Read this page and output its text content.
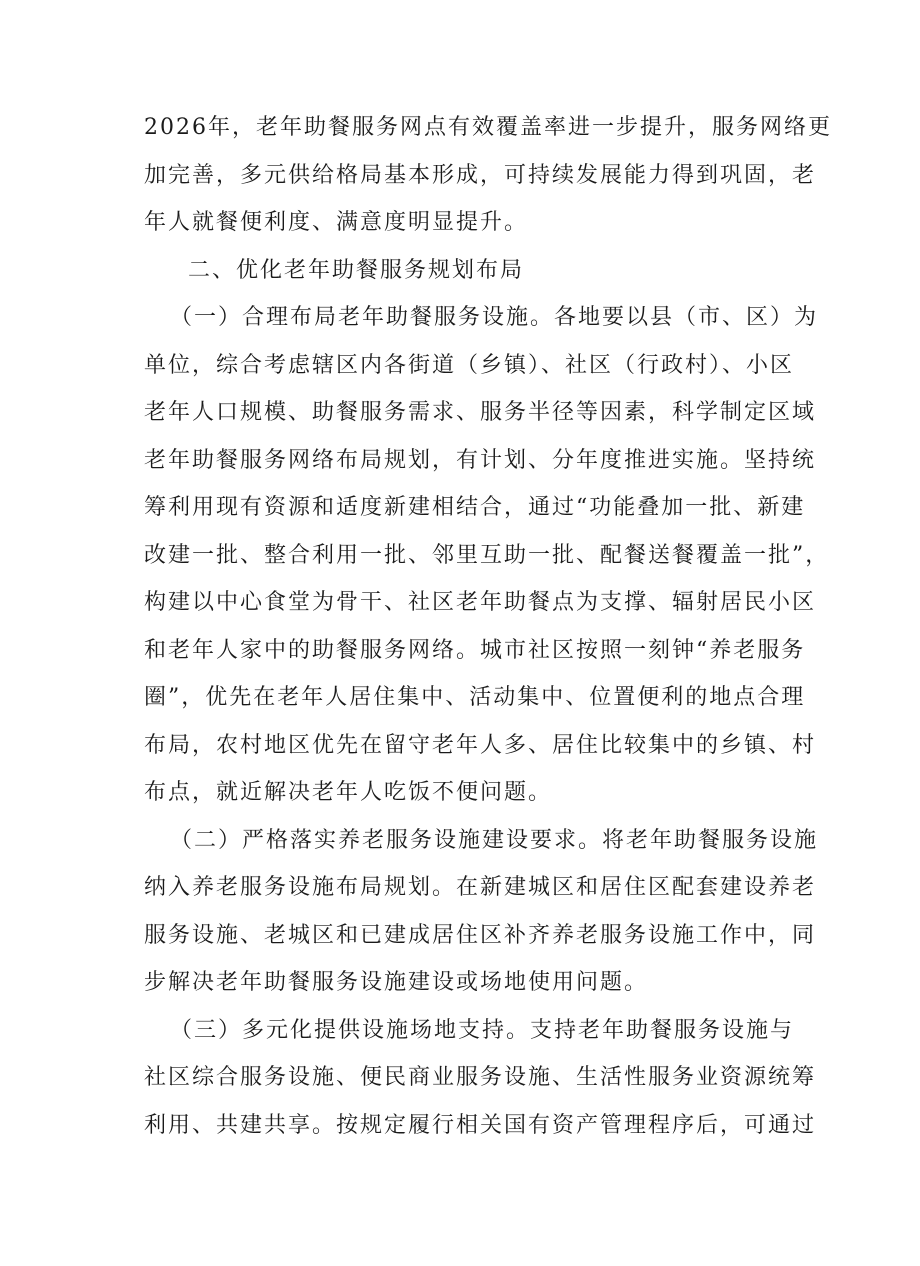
2026年，老年助餐服务网点有效覆盖率进一步提升，服务网络更
加完善，多元供给格局基本形成，可持续发展能力得到巩固，老
年人就餐便利度、满意度明显提升。
二、优化老年助餐服务规划布局
（一）合理布局老年助餐服务设施。各地要以县（市、区）为
单位，综合考虑辖区内各街道（乡镇）、社区（行政村）、小区
老年人口规模、助餐服务需求、服务半径等因素，科学制定区域
老年助餐服务网络布局规划，有计划、分年度推进实施。坚持统
筹利用现有资源和适度新建相结合，通过“功能叠加一批、新建
改建一批、整合利用一批、邻里互助一批、配餐送餐覆盖一批”，
构建以中心食堂为骨干、社区老年助餐点为支撑、辐射居民小区
和老年人家中的助餐服务网络。城市社区按照一刻钟“养老服务
圈”，优先在老年人居住集中、活动集中、位置便利的地点合理
布局，农村地区优先在留守老年人多、居住比较集中的乡镇、村
布点，就近解决老年人吃饭不便问题。
（二）严格落实养老服务设施建设要求。将老年助餐服务设施
纳入养老服务设施布局规划。在新建城区和居住区配套建设养老
服务设施、老城区和已建成居住区补齐养老服务设施工作中，同
步解决老年助餐服务设施建设或场地使用问题。
（三）多元化提供设施场地支持。支持老年助餐服务设施与
社区综合服务设施、便民商业服务设施、生活性服务业资源统筹
利用、共建共享。按规定履行相关国有资产管理程序后，可通过
